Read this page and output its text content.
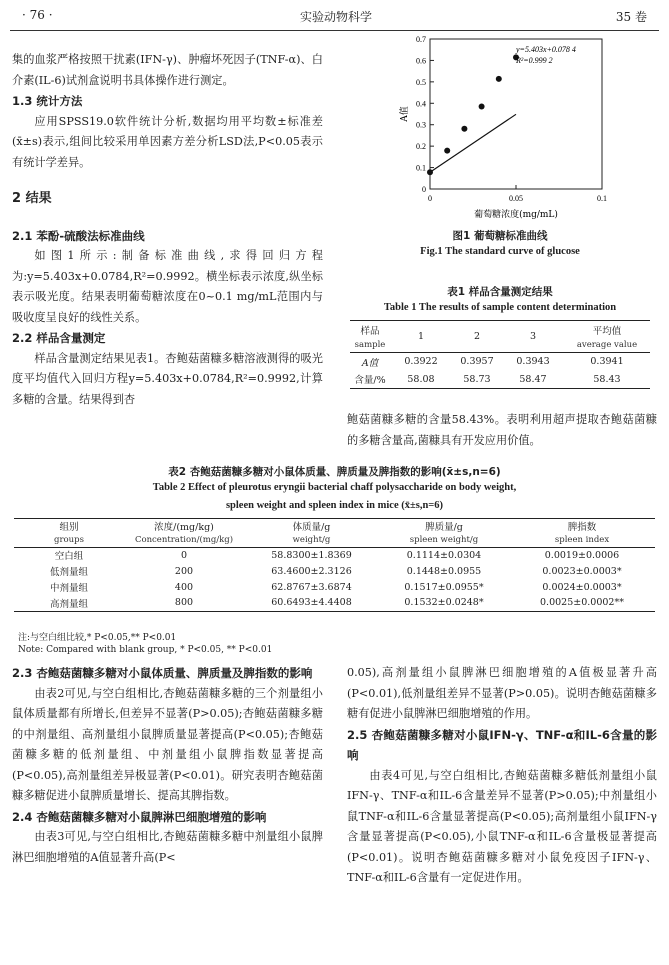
· 76 ·	实验动物科学	35 卷

集的血浆严格按照干扰素(IFN-γ)、肿瘤坏死因子(TNF-α)、白介素(IL-6)试剂盒说明书具体操作进行测定。

1.3 统计方法

应用SPSS19.0软件统计分析,数据均用平均数±标准差(x̄±s)表示,组间比较采用单因素方差分析LSD法,P<0.05表示有统计学差异。

2 结果

2.1 苯酚-硫酸法标准曲线

如图1所示:制备标准曲线,求得回归方程为:y=5.403x+0.0784,R²=0.9992。横坐标表示浓度,纵坐标表示吸光度。结果表明葡萄糖浓度在0~0.1 mg/mL范围内与吸收度呈良好的线性关系。

2.2 样品含量测定

样品含量测定结果见表1。杏鲍菇菌糠多糖溶液测得的吸光度平均值代入回归方程y=5.403x+0.0784,R²=0.9992,计算多糖的含量。结果得到杏

0
0.1
0.2
0.3
0.4
0.5
0.6
0.7
0	0.05	0.1
y=5.403x+0.078 4
R²=0.999 2
葡萄糖浓度(mg/mL)
A值
图1 葡萄糖标准曲线
Fig.1 The standard curve of glucose
表1 样品含量测定结果
Table 1 The results of sample content determination
样品	1	2	3	平均值
sample				average value
A值	0.3922	0.3957	0.3943	0.3941
含量/%	58.08	58.73	58.47	58.43

鲍菇菌糠多糖的含量58.43%。表明利用超声提取杏鲍菇菌糠的多糖含量高,菌糠具有开发应用价值。

表2 杏鲍菇菌糠多糖对小鼠体质量、脾质量及脾指数的影响(x̄±s,n=6)
Table 2 Effect of pleurotus eryngii bacterial chaff polysaccharide on body weight,
spleen weight and spleen index in mice (x̄±s,n=6)
组别	浓度/(mg/kg)	体质量/g	脾质量/g	脾指数
groups	Concentration/(mg/kg)	weight/g	spleen weight/g	spleen index
空白组	0	58.8300±1.8369	0.1114±0.0304	0.0019±0.0006
低剂量组	200	63.4600±2.3126	0.1448±0.0955	0.0023±0.0003*
中剂量组	400	62.8767±3.6874	0.1517±0.0955*	0.0024±0.0003*
高剂量组	800	60.6493±4.4408	0.1532±0.0248*	0.0025±0.0002**
注:与空白组比较,* P<0.05,** P<0.01
Note: Compared with blank group, * P<0.05, ** P<0.01

2.3 杏鲍菇菌糠多糖对小鼠体质量、脾质量及脾指数的影响

由表2可见,与空白组相比,杏鲍菇菌糠多糖的三个剂量组小鼠体质量都有所增长,但差异不显著(P>0.05);杏鲍菇菌糠多糖的中剂量组、高剂量组小鼠脾质量显著提高(P<0.05);杏鲍菇菌糠多糖的低剂量组、中剂量组小鼠脾指数显著提高(P<0.05),高剂量组差异极显著(P<0.01)。研究表明杏鲍菇菌糠多糖促进小鼠脾质量增长、提高其脾指数。

2.4 杏鲍菇菌糠多糖对小鼠脾淋巴细胞增殖的影响

由表3可见,与空白组相比,杏鲍菇菌糠多糖中剂量组小鼠脾淋巴细胞增殖的A值显著升高(P<

0.05),高剂量组小鼠脾淋巴细胞增殖的A值极显著升高(P<0.01),低剂量组差异不显著(P>0.05)。说明杏鲍菇菌糠多糖有促进小鼠脾淋巴细胞增殖的作用。

2.5 杏鲍菇菌糠多糖对小鼠IFN-γ、TNF-α和IL-6含量的影响

由表4可见,与空白组相比,杏鲍菇菌糠多糖低剂量组小鼠IFN-γ、TNF-α和IL-6含量差异不显著(P>0.05);中剂量组小鼠TNF-α和IL-6含量显著提高(P<0.05);高剂量组小鼠IFN-γ含量显著提高(P<0.05),小鼠TNF-α和IL-6含量极显著提高(P<0.01)。说明杏鲍菇菌糠多糖对小鼠免疫因子IFN-γ、TNF-α和IL-6含量有一定促进作用。
